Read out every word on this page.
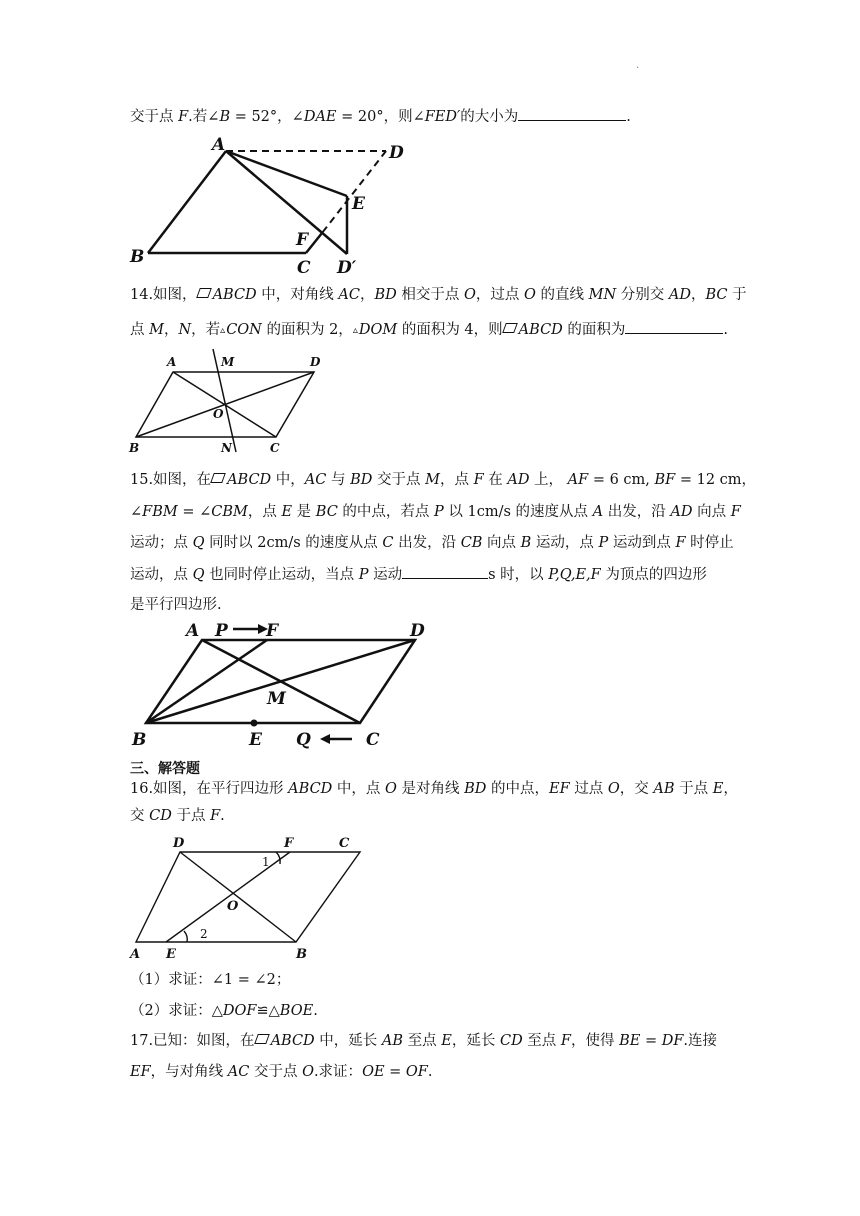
.
交于点 F.若∠B = 52°，∠DAE = 20°，则∠FED′的大小为	.
A	D
E
B
F
C D′
14.如图， ABCD 中，对角线 AC，BD 相交于点 O，过点 O 的直线 MN 分别交 AD，BC 于
点 M，N，若▵CON 的面积为 2，▵DOM 的面积为 4，则 ABCD 的面积为	.
A	M	D
O
B	N	C
15.如图，在 ABCD 中，AC 与 BD 交于点 M，点 F 在 AD 上， AF = 6 cm, BF = 12 cm，
∠FBM = ∠CBM，点 E 是 BC 的中点，若点 P 以 1cm/s 的速度从点 A 出发，沿 AD 向点 F
运动；点 Q 同时以 2cm/s 的速度从点 C 出发，沿 CB 向点 B 运动，点 P 运动到点 F 时停止
运动，点 Q 也同时停止运动，当点 P 运动	s 时，以 P,Q,E,F 为顶点的四边形
是平行四边形.
A P F	D
M
B	E Q	C
三、解答题
16.如图，在平行四边形 ABCD 中，点 O 是对角线 BD 的中点，EF 过点 O，交 AB 于点 E，
交 CD 于点 F.
D	F	C
1
O
2
A E	B
（1）求证：∠1 = ∠2；
（2）求证：△DOF≌△BOE.
17.已知：如图，在 ABCD 中，延长 AB 至点 E，延长 CD 至点 F，使得 BE = DF.连接
EF，与对角线 AC 交于点 O.求证：OE = OF.
